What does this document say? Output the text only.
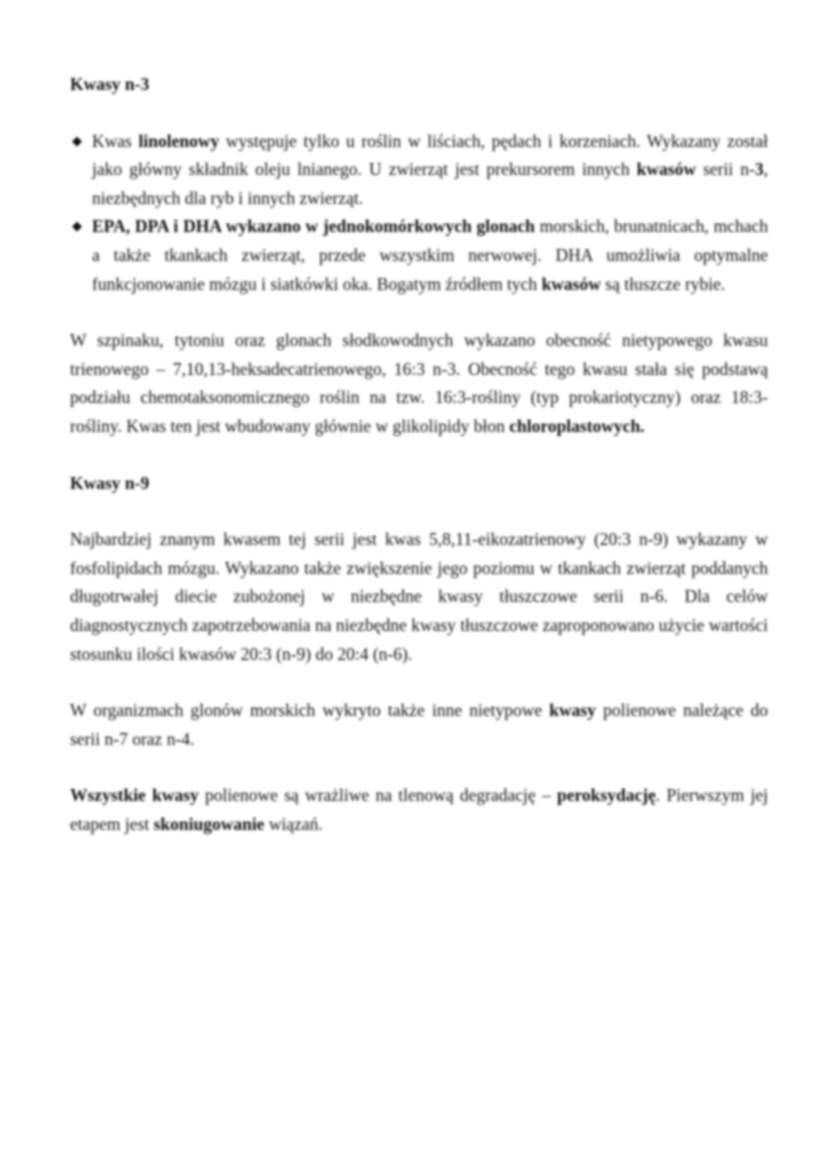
Kwasy n-3
◆ Kwas linolenowy występuje tylko u roślin w liściach, pędach i korzeniach. Wykazany został jako główny składnik oleju lnianego. U zwierząt jest prekursorem innych kwasów serii n-3, niezbędnych dla ryb i innych zwierząt.
◆ EPA, DPA i DHA wykazano w jednokomórkowych glonach morskich, brunatnicach, mchach a także tkankach zwierząt, przede wszystkim nerwowej. DHA umożliwia optymalne funkcjonowanie mózgu i siatkówki oka. Bogatym źródłem tych kwasów są tłuszcze rybie.

W szpinaku, tytoniu oraz glonach słodkowodnych wykazano obecność nietypowego kwasu trienowego – 7,10,13-heksadecatrienowego, 16:3 n-3. Obecność tego kwasu stała się podstawą podziału chemotaksonomicznego roślin na tzw. 16:3-rośliny (typ prokariotyczny) oraz 18:3-rośliny. Kwas ten jest wbudowany głównie w glikolipidy błon chloroplastowych.

Kwasy n-9

Najbardziej znanym kwasem tej serii jest kwas 5,8,11-eikozatrienowy (20:3 n-9) wykazany w fosfolipidach mózgu. Wykazano także zwiększenie jego poziomu w tkankach zwierząt poddanych długotrwałej diecie zubożonej w niezbędne kwasy tłuszczowe serii n-6. Dla celów diagnostycznych zapotrzebowania na niezbędne kwasy tłuszczowe zaproponowano użycie wartości stosunku ilości kwasów 20:3 (n-9) do 20:4 (n-6).

W organizmach glonów morskich wykryto także inne nietypowe kwasy polienowe należące do serii n-7 oraz n-4.

Wszystkie kwasy polienowe są wrażliwe na tlenową degradację – peroksydację. Pierwszym jej etapem jest skoniugowanie wiązań.
